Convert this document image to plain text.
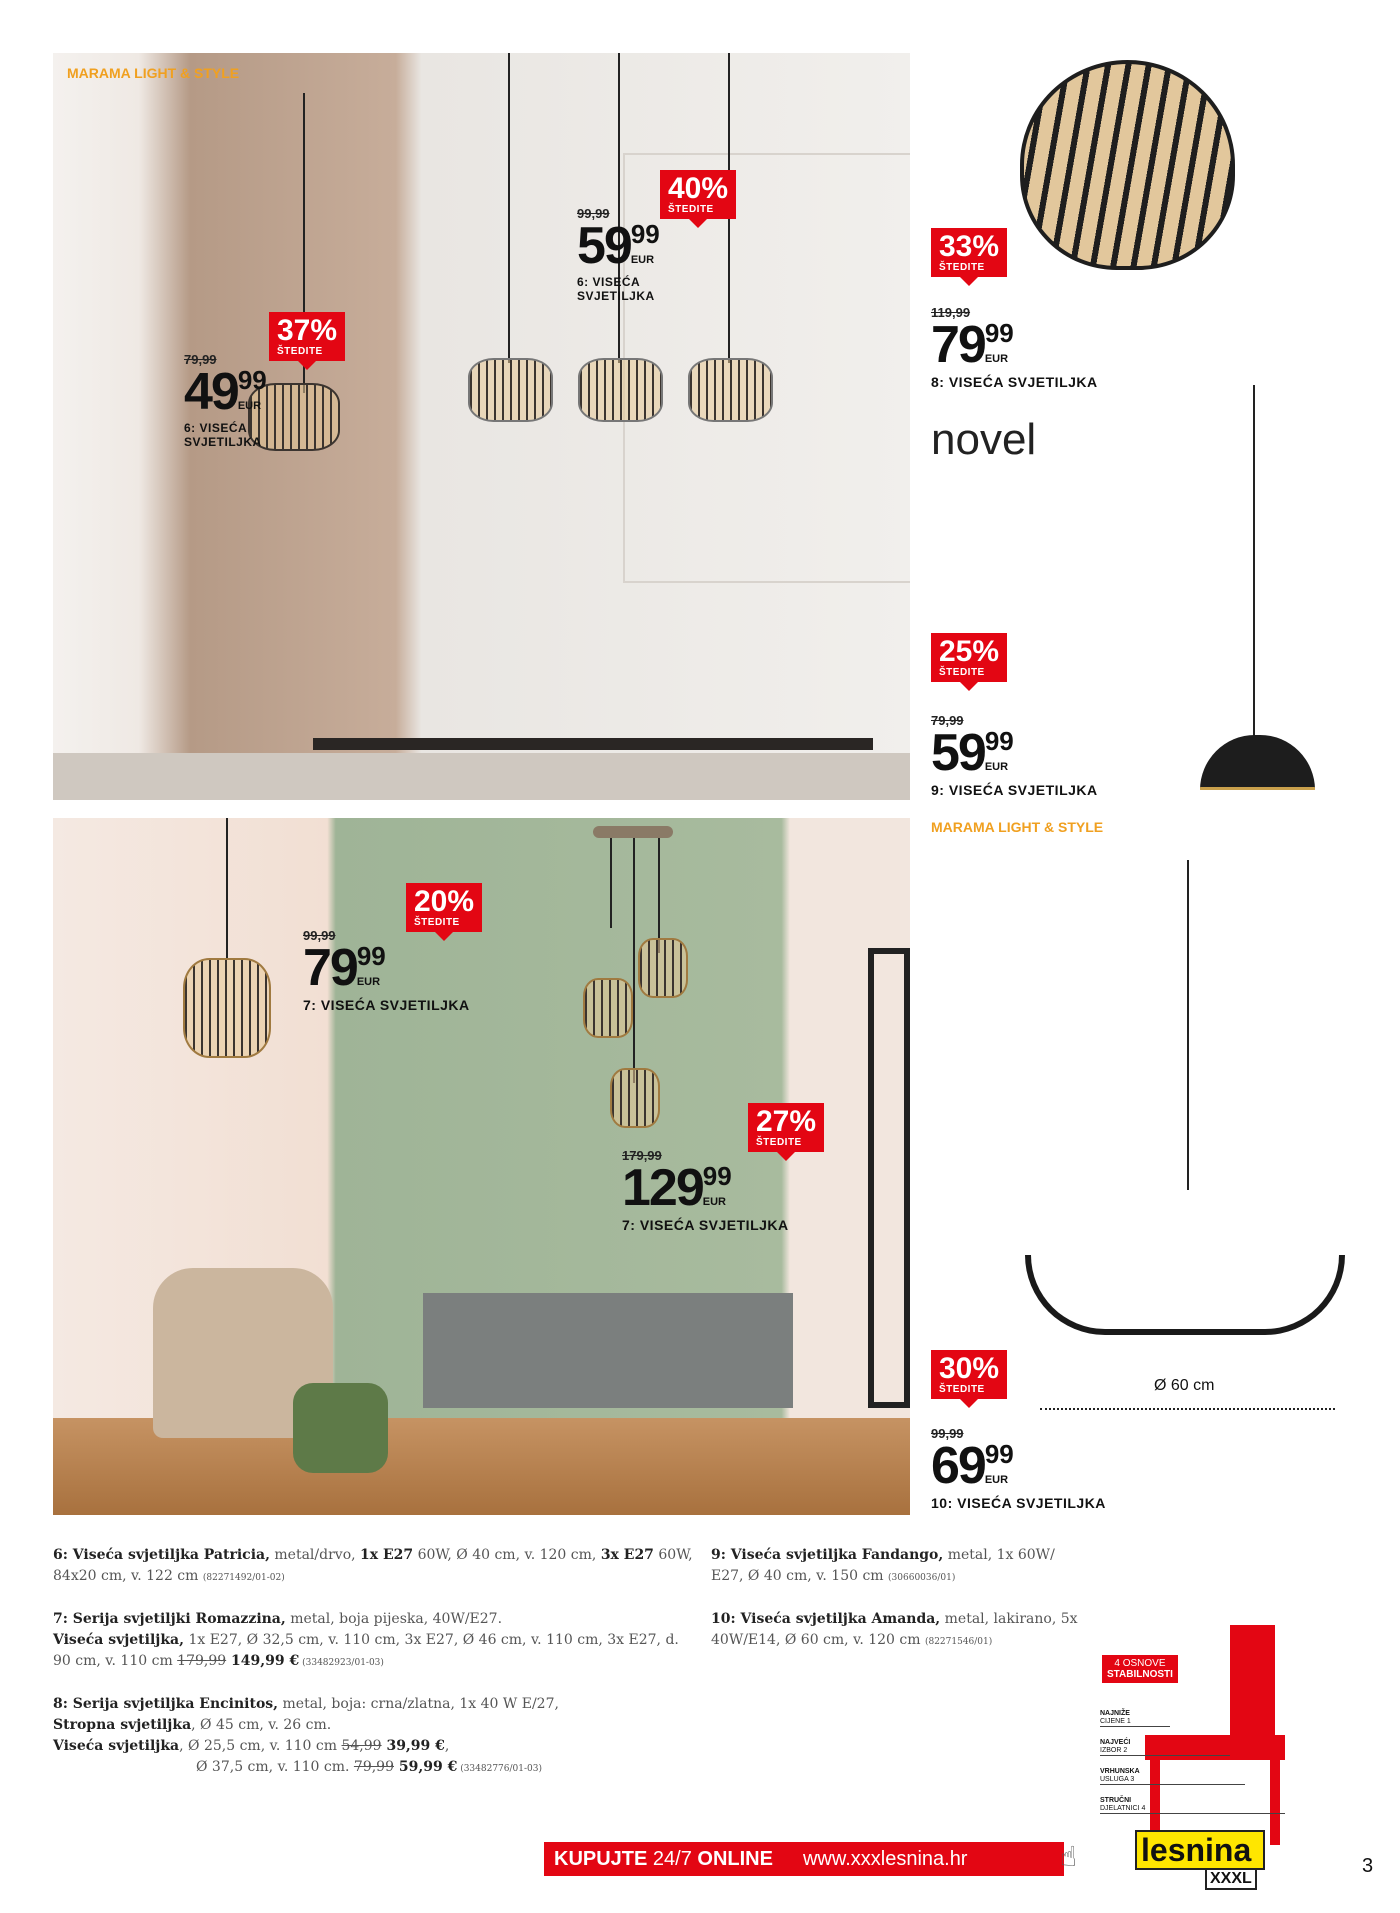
MARAMA LIGHT & STYLE
MARAMA LIGHT & STYLE
Ø 60 cm
novel
37%
ŠTEDITE
79,99
4999
EUR
6: VISEĆA SVJETILJKA
40%
ŠTEDITE
99,99
5999
EUR
6: VISEĆA SVJETILJKA
33%
ŠTEDITE
119,99
7999
EUR
8: VISEĆA SVJETILJKA
25%
ŠTEDITE
79,99
5999
EUR
9: VISEĆA SVJETILJKA
20%
ŠTEDITE
99,99
7999
EUR
7: VISEĆA SVJETILJKA
27%
ŠTEDITE
179,99
12999
EUR
7: VISEĆA SVJETILJKA
30%
ŠTEDITE
99,99
6999
EUR
10: VISEĆA SVJETILJKA

6: Viseća svjetiljka Patricia, metal/drvo, 1x E27 60W, Ø 40 cm, v. 120 cm, 3x E27 60W, 84x20 cm, v. 122 cm (82271492/01-02)

7: Serija svjetiljki Romazzina, metal, boja pijeska, 40W/E27.
Viseća svjetiljka, 1x E27, Ø 32,5 cm, v. 110 cm, 3x E27, Ø 46 cm, v. 110 cm, 3x E27, d. 90 cm, v. 110 cm 179,99 149,99 € (33482923/01-03)

8: Serija svjetiljka Encinitos, metal, boja: crna/zlatna, 1x 40 W E/27,
Stropna svjetiljka, Ø 45 cm, v. 26 cm.
Viseća svjetiljka, Ø 25,5 cm, v. 110 cm 54,99 39,99 €,
Ø 37,5 cm, v. 110 cm. 79,99 59,99 € (33482776/01-03)

9: Viseća svjetiljka Fandango, metal, 1x 60W/ E27, Ø 40 cm, v. 150 cm (30660036/01)

10: Viseća svjetiljka Amanda, metal, lakirano, 5x 40W/E14, Ø 60 cm, v. 120 cm (82271546/01)

4 OSNOVE
STABILNOSTI
NAJNIŽE
CIJENE 1
NAJVEĆI
IZBOR 2
VRHUNSKA
USLUGA 3
STRUČNI
DJELATNICI 4
KUPUJTE 24/7 ONLINE www.xxxlesnina.hr	☝ lesnina
XXXL
3
